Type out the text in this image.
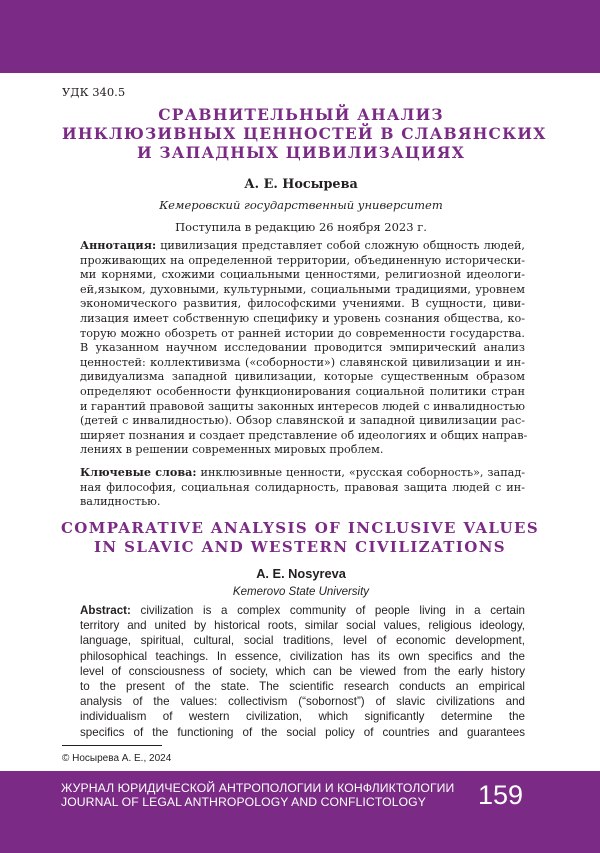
УДК 340.5
СРАВНИТЕЛЬНЫЙ АНАЛИЗ
ИНКЛЮЗИВНЫХ ЦЕННОСТЕЙ В СЛАВЯНСКИХ
И ЗАПАДНЫХ ЦИВИЛИЗАЦИЯХ
А. Е. Носырева
Кемеровский государственный университет
Поступила в редакцию 26 ноября 2023 г.
Аннотация: цивилизация представляет собой сложную общность людей,
проживающих на определенной территории, объединенную исторически-
ми корнями, схожими социальными ценностями, религиозной идеологи-
ей,языком, духовными, культурными, социальными традициями, уровнем
экономического развития, философскими учениями. В сущности, циви-
лизация имеет собственную специфику и уровень сознания общества, ко-
торую можно обозреть от ранней истории до современности государства.
В указанном научном исследовании проводится эмпирический анализ
ценностей: коллективизма («соборности») славянской цивилизации и ин-
дивидуализма западной цивилизации, которые существенным образом
определяют особенности функционирования социальной политики стран
и гарантий правовой защиты законных интересов людей с инвалидностью
(детей с инвалидностью). Обзор славянской и западной цивилизации рас-
ширяет познания и создает представление об идеологиях и общих направ-
лениях в решении современных мировых проблем.
Ключевые слова: инклюзивные ценности, «русская соборность», запад-
ная философия, социальная солидарность, правовая защита людей с ин-
валидностью.
COMPARATIVE ANALYSIS OF INCLUSIVE VALUES
IN SLAVIC AND WESTERN CIVILIZATIONS
A. E. Nosyreva
Kemerovo State University
Abstract: civilization is a complex community of people living in a certain
territory and united by historical roots, similar social values, religious ideology,
language, spiritual, cultural, social traditions, level of economic development,
philosophical teachings. In essence, civilization has its own specifics and the
level of consciousness of society, which can be viewed from the early history
to the present of the state. The scientific research conducts an empirical
analysis of the values: collectivism (“sobornost”) of slavic civilizations and
individualism of western civilization, which significantly determine the
specifics of the functioning of the social policy of countries and guarantees
© Носырева А. Е., 2024
ЖУРНАЛ ЮРИДИЧЕСКОЙ АНТРОПОЛОГИИ И КОНФЛИКТОЛОГИИ
JOURNAL OF LEGAL ANTHROPOLOGY AND CONFLICTOLOGY	159
